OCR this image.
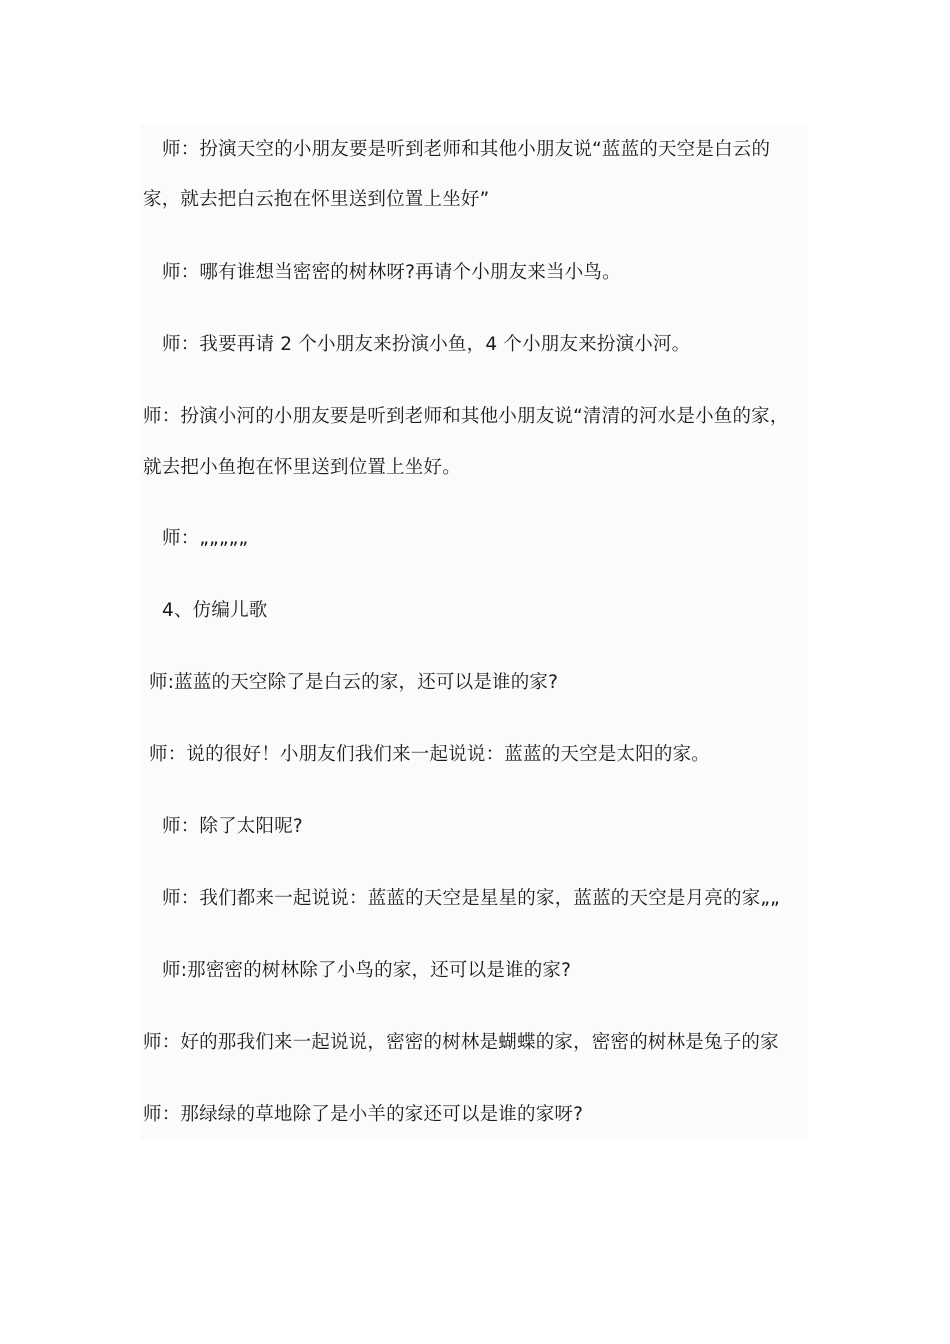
师：扮演天空的小朋友要是听到老师和其他小朋友说“蓝蓝的天空是白云的
家，就去把白云抱在怀里送到位置上坐好”
师：哪有谁想当密密的树林呀?再请个小朋友来当小鸟。
师：我要再请 2 个小朋友来扮演小鱼，4 个小朋友来扮演小河。
师：扮演小河的小朋友要是听到老师和其他小朋友说“清清的河水是小鱼的家，
就去把小鱼抱在怀里送到位置上坐好。
师：„„„„„
4、仿编儿歌
师:蓝蓝的天空除了是白云的家，还可以是谁的家?
师：说的很好！小朋友们我们来一起说说：蓝蓝的天空是太阳的家。
师：除了太阳呢?
师：我们都来一起说说：蓝蓝的天空是星星的家，蓝蓝的天空是月亮的家„„
师:那密密的树林除了小鸟的家，还可以是谁的家?
师：好的那我们来一起说说，密密的树林是蝴蝶的家，密密的树林是兔子的家
师：那绿绿的草地除了是小羊的家还可以是谁的家呀?
